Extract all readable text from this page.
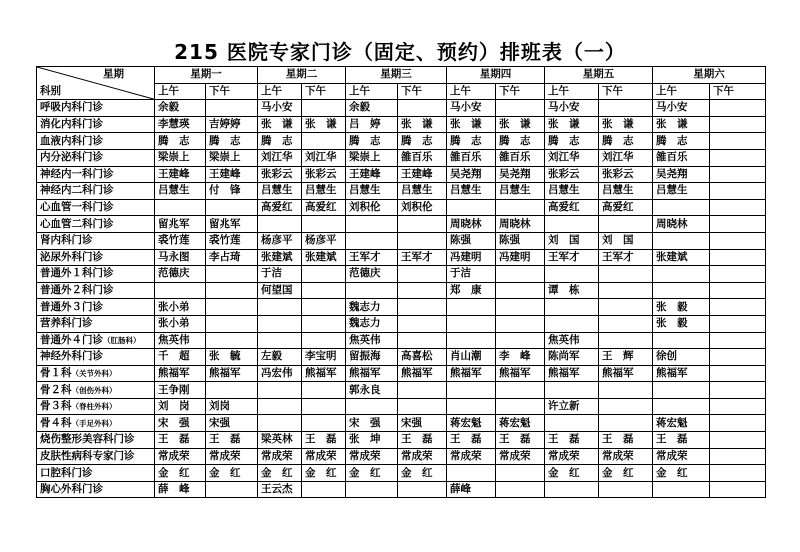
215 医院专家门诊（固定、预约）排班表（一）
星期
科别	星期一		星期二		星期三		星期四		星期五		星期六	
	上午	下午	上午	下午	上午	下午	上午	下午	上午	下午	上午	下午
呼吸内科门诊	余毅		马小安		余毅		马小安		马小安		马小安	
消化内科门诊	李慧瑛	吉婷婷	张　谦	张　谦	吕　婷	张　谦	张　谦	张　谦	张　谦	张　谦	张　谦	
血液内科门诊	腾　志	腾　志	腾　志		腾　志	腾　志	腾　志	腾　志	腾　志	腾　志	腾　志	
内分泌科门诊	梁崇上	梁崇上	刘江华	刘江华	梁崇上	雒百乐	雒百乐	雒百乐	刘江华	刘江华	雒百乐	
神经内一科门诊	王建峰	王建峰	张彩云	张彩云	王建峰	王建峰	吴尧翔	吴尧翔	张彩云	张彩云	吴尧翔	
神经内二科门诊	吕慧生	付　锋	吕慧生	吕慧生	吕慧生	吕慧生	吕慧生	吕慧生	吕慧生	吕慧生	吕慧生	
心血管一科门诊			高爱红	高爱红	刘积伦	刘积伦			高爱红	高爱红		
心血管二科门诊	留兆军	留兆军					周晓林	周晓林			周晓林	
肾内科门诊	裘竹莲	裘竹莲	杨彦平	杨彦平			陈强	陈强	刘　国	刘　国		
泌尿外科门诊	马永图	李占琦	张建斌	张建斌	王军才	王军才	冯建明	冯建明	王军才	王军才	张建斌	
普通外１科门诊	范德庆		于洁		范德庆		于洁					
普通外２科门诊			何望国				郑　康		谭　栋			
普通外３门诊	张小弟				魏志力						张　毅	
营养科门诊	张小弟				魏志力						张　毅	
普通外４门诊（肛肠科）	焦英伟				焦英伟				焦英伟			
神经外科门诊	千　超	张　毓	左毅	李宝明	留振海	高喜松	肖山潮	李　峰	陈尚军	王　辉	徐创	
骨１科（关节外科）	熊福军	熊福军	冯宏伟	熊福军	熊福军	熊福军	熊福军	熊福军	熊福军	熊福军	熊福军	
骨２科（创伤外科）	王争刚				郭永良							
骨３科（脊柱外科）	刘　岗	刘岗							许立新			
骨４科（手足外科）	宋　强	宋强			宋　强	宋强	蒋宏魁	蒋宏魁			蒋宏魁	
烧伤整形美容科门诊	王　磊	王　磊	梁英林	王　磊	张　坤	王　磊	王　磊	王　磊	王　磊	王　磊	王　磊	
皮肤性病科专家门诊	常成荣	常成荣	常成荣	常成荣	常成荣	常成荣	常成荣	常成荣	常成荣	常成荣	常成荣	
口腔科门诊	金　红	金　红	金　红	金　红	金　红	金　红			金　红	金　红	金　红	
胸心外科门诊	薛　峰		王云杰				薛峰					
